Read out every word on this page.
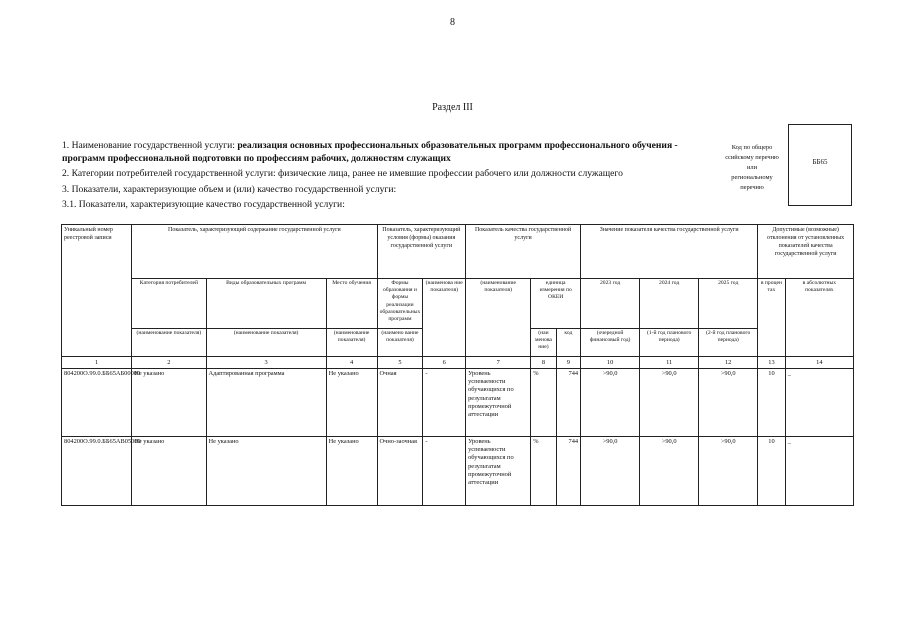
8
Раздел III
1. Наименование государственной услуги: реализация основных профессиональных образовательных программ профессионального обучения -
программ профессиональной подготовки по профессиям рабочих, должностям служащих
2. Категории потребителей государственной услуги: физические лица, ранее не имевшие профессии рабочего или должности служащего
3. Показатели, характеризующие объем и (или) качество государственной услуги:
3.1. Показатели, характеризующие качество государственной услуги:
Код по общеро
ссийскому перечню
или
региональному
перечню
ББ65
Уникальный номер реестровой записи	Показатель, характеризующий содержание государственной услуги			Показатель, характеризующий условия (формы) оказания государственной услуги		Показатель качества государственной услуги			Значение показателя качества государственной услуги			Допустимые (возможные) отклонения от установленных показателей качества государственной услуги	
	Категория потребителей	Виды образовательных программ	Место обучения	Формы образования и формы реализации образовательных программ	(наименова ние показателя)	(наименование показателя)	единица измерения по ОКЕИ		2023 год	2024 год	2025 год	в процен тах	в абсолютных показателях
	(наименование показателя)	(наименование показателя)	(наименование показателя)	(наимено вание показателя)			(наи менова ние)	код	(очередной финансовый год)	(1-й год планового периода)	(2-й год планового периода)		
1	2	3	4	5	6	7	8	9	10	11	12	13	14
804200О.99.0.ББ65АБ00000	Не указано	Адаптированная программа	Не указано	Очная	-	Уровень успеваемости обучающихся по результатам промежуточной аттестации	%	744	>90,0	>90,0	>90,0	10	_
804200О.99.0.ББ65АВ05000	Не указано	Не указано	Не указано	Очно-заочная	-	Уровень успеваемости обучающихся по результатам промежуточной аттестации	%	744	>90,0	>90,0	>90,0	10	_
